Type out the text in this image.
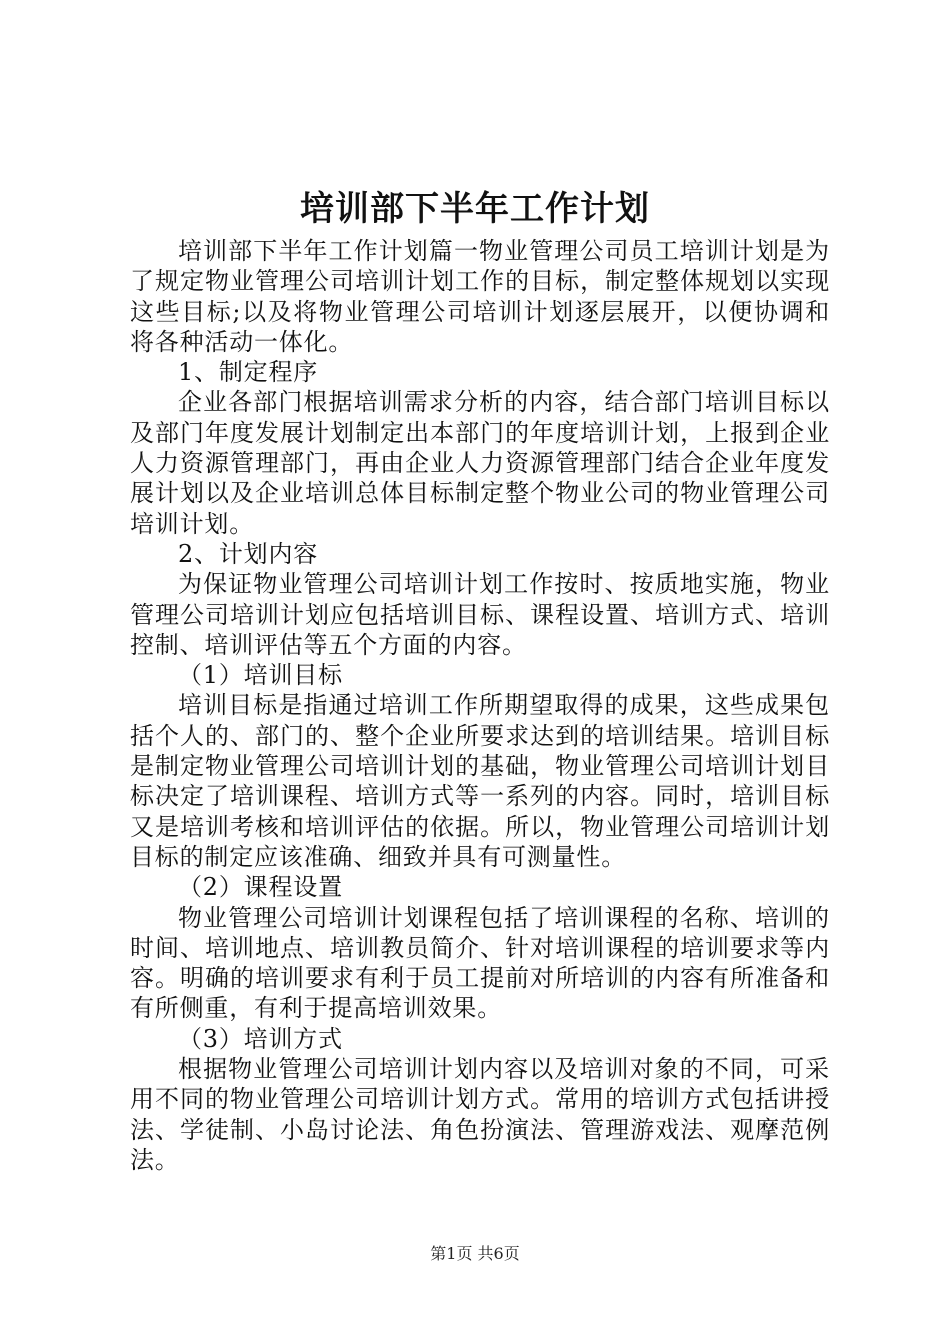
培训部下半年工作计划

培训部下半年工作计划篇一物业管理公司员工培训计划是为了规定物业管理公司培训计划工作的目标，制定整体规划以实现这些目标;以及将物业管理公司培训计划逐层展开，以便协调和将各种活动一体化。

1、制定程序

企业各部门根据培训需求分析的内容，结合部门培训目标以及部门年度发展计划制定出本部门的年度培训计划，上报到企业人力资源管理部门，再由企业人力资源管理部门结合企业年度发展计划以及企业培训总体目标制定整个物业公司的物业管理公司培训计划。

2、计划内容

为保证物业管理公司培训计划工作按时、按质地实施，物业管理公司培训计划应包括培训目标、课程设置、培训方式、培训控制、培训评估等五个方面的内容。

（1）培训目标

培训目标是指通过培训工作所期望取得的成果，这些成果包括个人的、部门的、整个企业所要求达到的培训结果。培训目标是制定物业管理公司培训计划的基础，物业管理公司培训计划目标决定了培训课程、培训方式等一系列的内容。同时，培训目标又是培训考核和培训评估的依据。所以，物业管理公司培训计划目标的制定应该准确、细致并具有可测量性。

（2）课程设置

物业管理公司培训计划课程包括了培训课程的名称、培训的时间、培训地点、培训教员简介、针对培训课程的培训要求等内容。明确的培训要求有利于员工提前对所培训的内容有所准备和有所侧重，有利于提高培训效果。

（3）培训方式

根据物业管理公司培训计划内容以及培训对象的不同，可采用不同的物业管理公司培训计划方式。常用的培训方式包括讲授法、学徒制、小岛讨论法、角色扮演法、管理游戏法、观摩范例法。

第1页 共6页
